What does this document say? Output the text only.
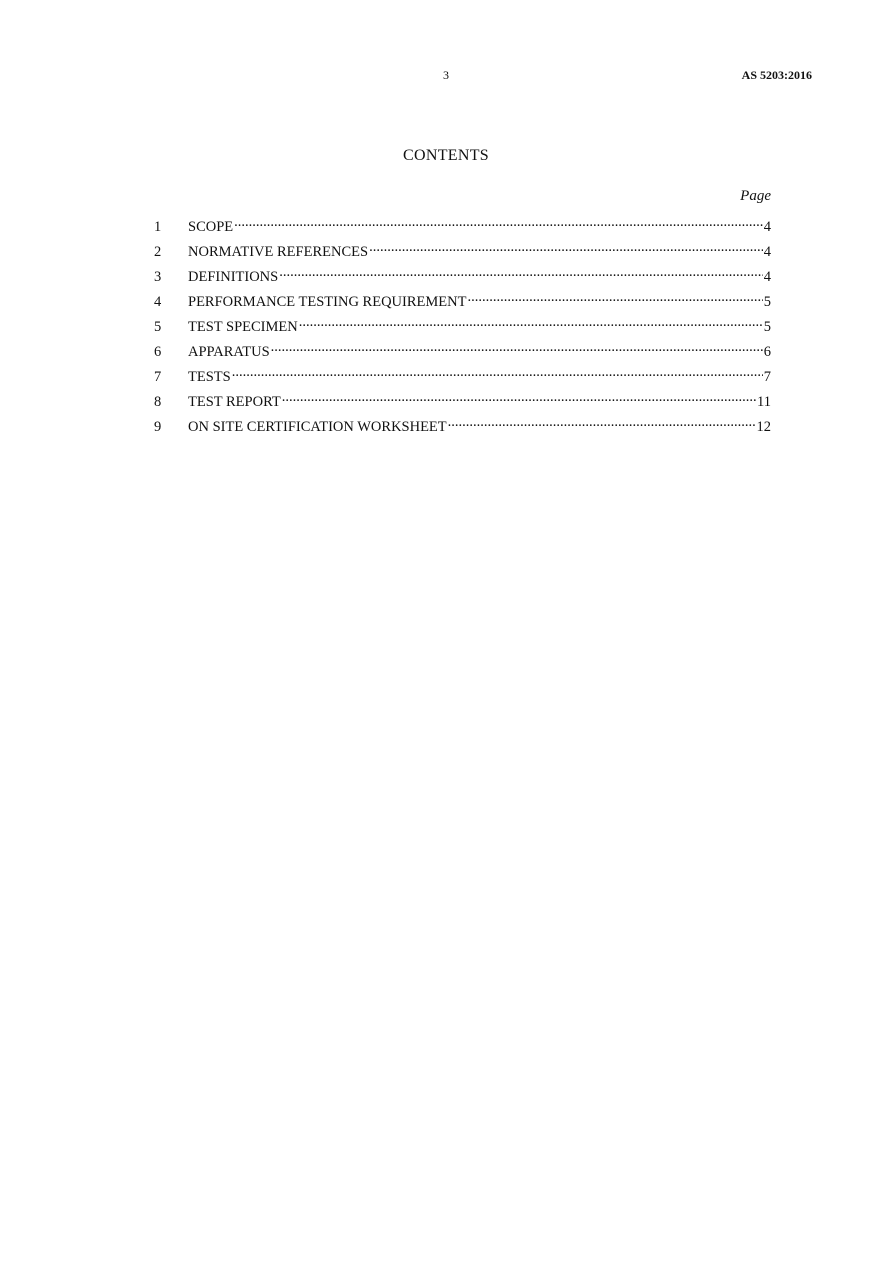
3	AS 5203:2016
CONTENTS
Page
1	SCOPE .....	4
2	NORMATIVE REFERENCES .....	4
3	DEFINITIONS .....	4
4	PERFORMANCE TESTING REQUIREMENT .....	5
5	TEST SPECIMEN .....	5
6	APPARATUS .....	6
7	TESTS .....	7
8	TEST REPORT .....	11
9	ON SITE CERTIFICATION WORKSHEET .....	12
